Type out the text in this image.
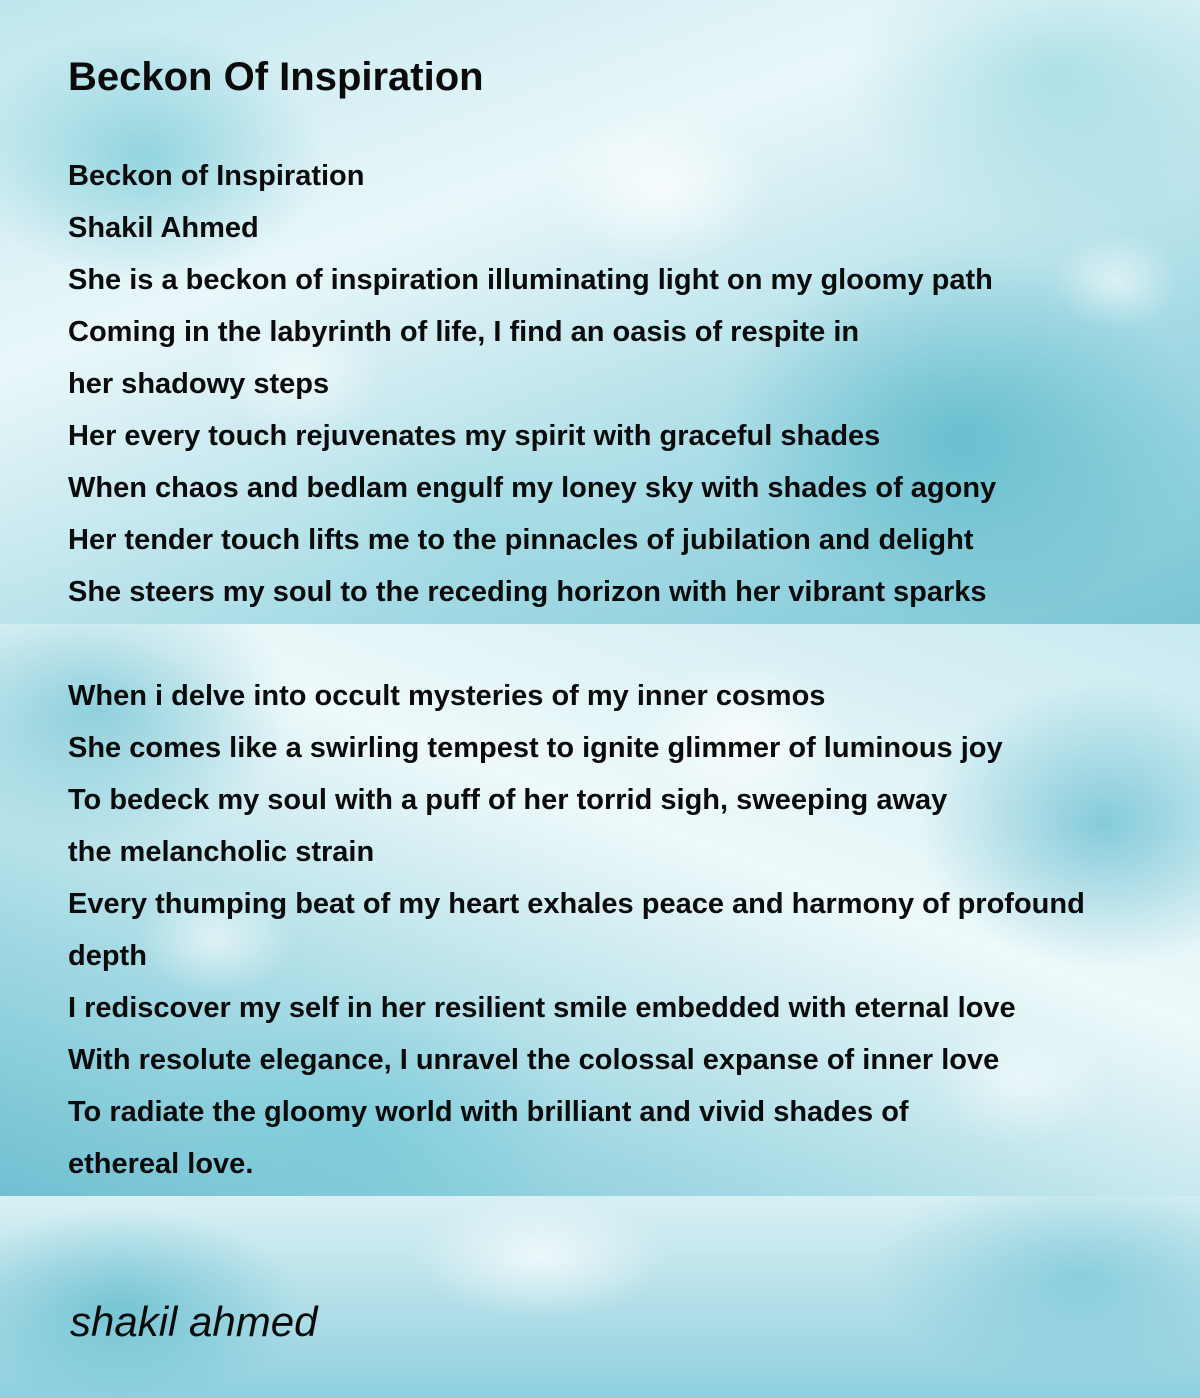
Beckon Of Inspiration
Beckon of Inspiration
Shakil Ahmed
She is a beckon of inspiration illuminating light on my gloomy path
Coming in the labyrinth of life, I find an oasis of respite in
her shadowy steps
Her every touch rejuvenates my spirit with graceful shades
When chaos and bedlam engulf my loney sky with shades of agony
Her tender touch lifts me to the pinnacles of jubilation and delight
She steers my soul to the receding horizon with her vibrant sparks
When i delve into occult mysteries of my inner cosmos
She comes like a swirling tempest to ignite glimmer of luminous joy
To bedeck my soul with a puff of her torrid sigh, sweeping away
the melancholic strain
Every thumping beat of my heart exhales peace and harmony of profound
depth
I rediscover my self in her resilient smile embedded with eternal love
With resolute elegance, I unravel the colossal expanse of inner love
To radiate the gloomy world with brilliant and vivid shades of
ethereal love.

shakil ahmed
